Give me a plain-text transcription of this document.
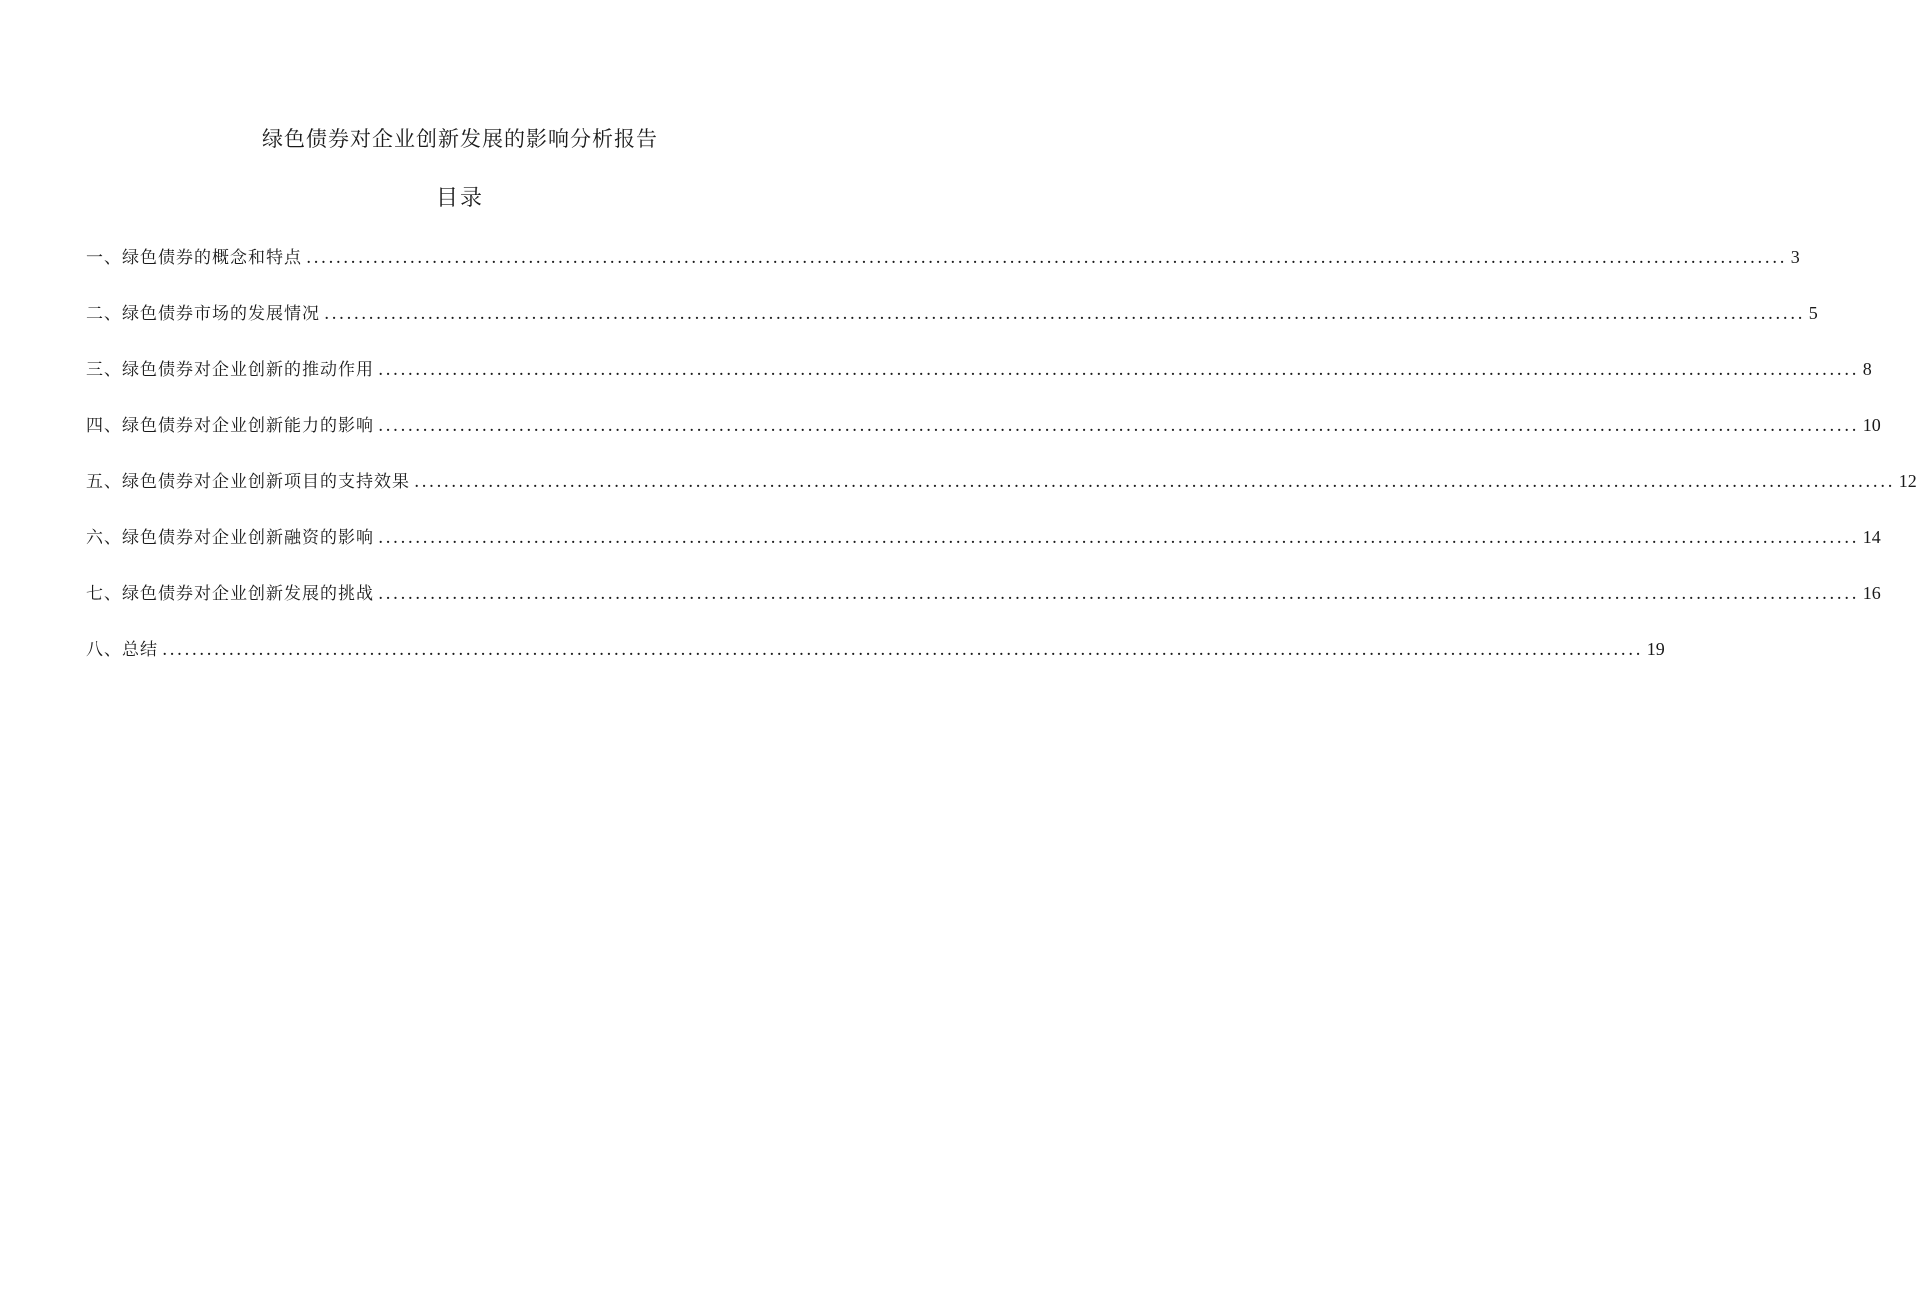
绿色债券对企业创新发展的影响分析报告
目录
一、绿色债券的概念和特点 ........................................................................................................................................................................................................ 3
二、绿色债券市场的发展情况 ........................................................................................................................................................................................................ 5
三、绿色债券对企业创新的推动作用 ........................................................................................................................................................................................................ 8
四、绿色债券对企业创新能力的影响 ........................................................................................................................................................................................................ 10
五、绿色债券对企业创新项目的支持效果 ........................................................................................................................................................................................................ 12
六、绿色债券对企业创新融资的影响 ........................................................................................................................................................................................................ 14
七、绿色债券对企业创新发展的挑战 ........................................................................................................................................................................................................ 16
八、总结 ........................................................................................................................................................................................................ 19
